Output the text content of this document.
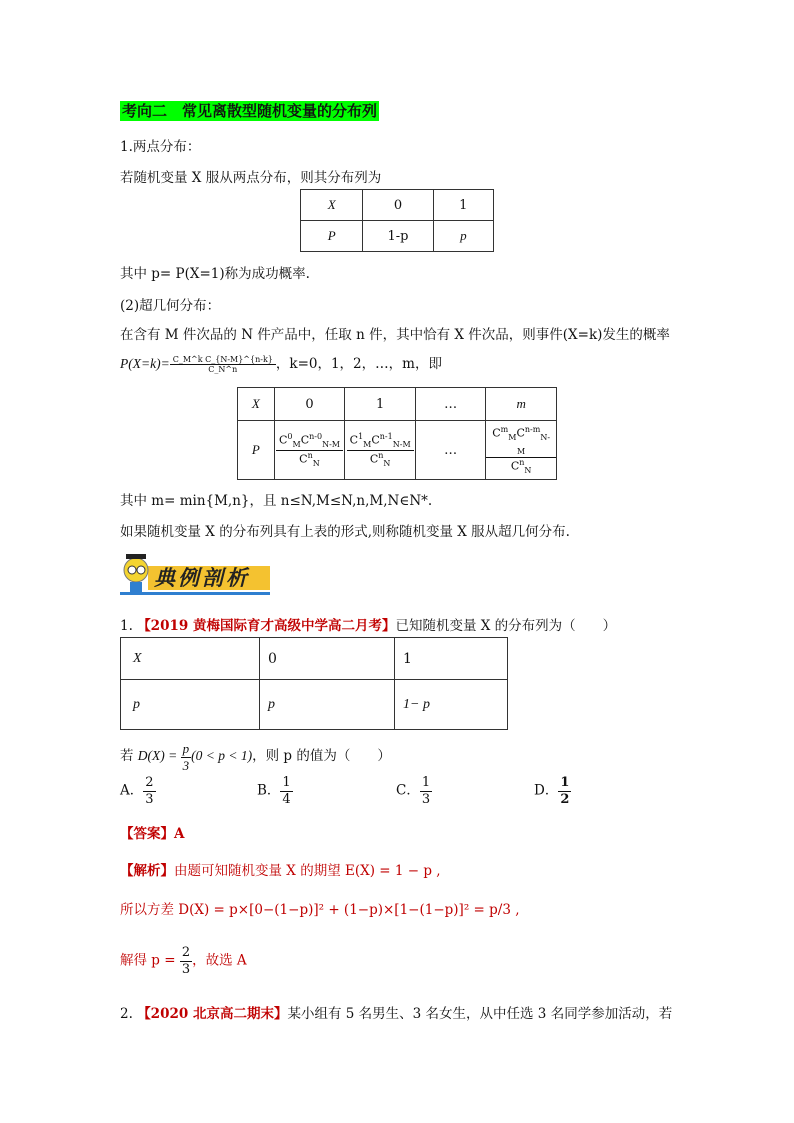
考向二　常见离散型随机变量的分布列
1.两点分布：
若随机变量 X 服从两点分布，则其分布列为
X	0	1
P	1-p	p
其中 p= P(X=1)称为成功概率.
(2)超几何分布：
在含有 M 件次品的 N 件产品中，任取 n 件，其中恰有 X 件次品，则事件(X=k)发生的概率
$P(X=k)= \frac{\text{C\_M\textasciicircum{}k C\_\{N-M\}\textasciicircum{}\{n-k\}}}{C\_N\^{}n}$ ，k=0，1，2，…，m，即
X	0	1	…	m
P	$\frac{C^0_MC^{n-0}_{N-M}}{C^n_N}$	$\frac{C^1_MC^{n-1}_{N-M}}{C^n_N}$	…	$\frac{C^m_MC^{n-m}_{N-M}}{C^n_N}$
其中 m= min{M,n}，且 n≤N,M≤N,n,M,N∈N*.
如果随机变量 X 的分布列具有上表的形式,则称随机变量 X 服从超几何分布.
典例剖析
1. 【2019 黄梅国际育才高级中学高二月考】已知随机变量 X 的分布列为（　　）
X	0	1
p	p	1− p
若 $D(X) = \frac{p}{3} (0 < p < 1)$，则 p 的值为（　　）
A． $\frac{2}{3}$	B． $\frac{1}{4}$	C． $\frac{1}{3}$	D． $\frac{1}{2}$
【答案】A
【解析】由题可知随机变量 X 的期望 E(X) = 1 − p ,
所以方差 D(X) = p×[0−(1−p)]² + (1−p)×[1−(1−p)]² = p/3 ,
解得 $p = \frac{2}{3}$ ，故选 A
2. 【2020 北京高二期末】某小组有 5 名男生、3 名女生，从中任选 3 名同学参加活动，若
